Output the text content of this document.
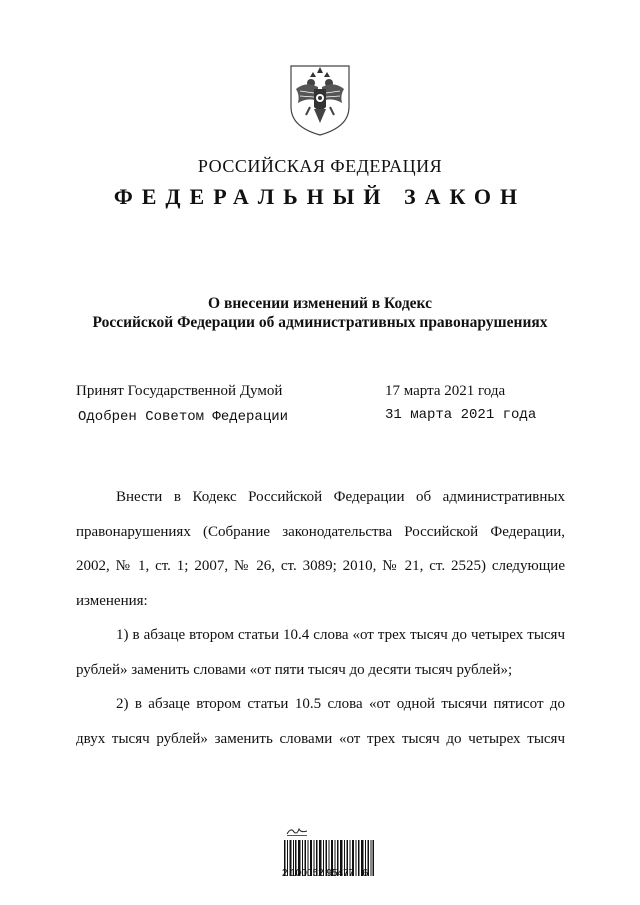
РОССИЙСКАЯ ФЕДЕРАЦИЯ
ФЕДЕРАЛЬНЫЙ ЗАКОН
О внесении изменений в Кодекс
Российской Федерации об административных правонарушениях
Принят Государственной Думой	17 марта 2021 года
Одобрен Советом Федерации	31 марта 2021 года

Внести в Кодекс Российской Федерации об административных правонарушениях (Собрание законодательства Российской Федерации, 2002, № 1, ст. 1; 2007, № 26, ст. 3089; 2010, № 21, ст. 2525) следующие изменения:

1) в абзаце втором статьи 10.4 слова «от трех тысяч до четырех тысяч рублей» заменить словами «от пяти тысяч до десяти тысяч рублей»;

2) в абзаце втором статьи 10.5 слова «от одной тысячи пятисот до двух тысяч рублей» заменить словами «от трех тысяч до четырех тысяч

2 100052 95477   6
